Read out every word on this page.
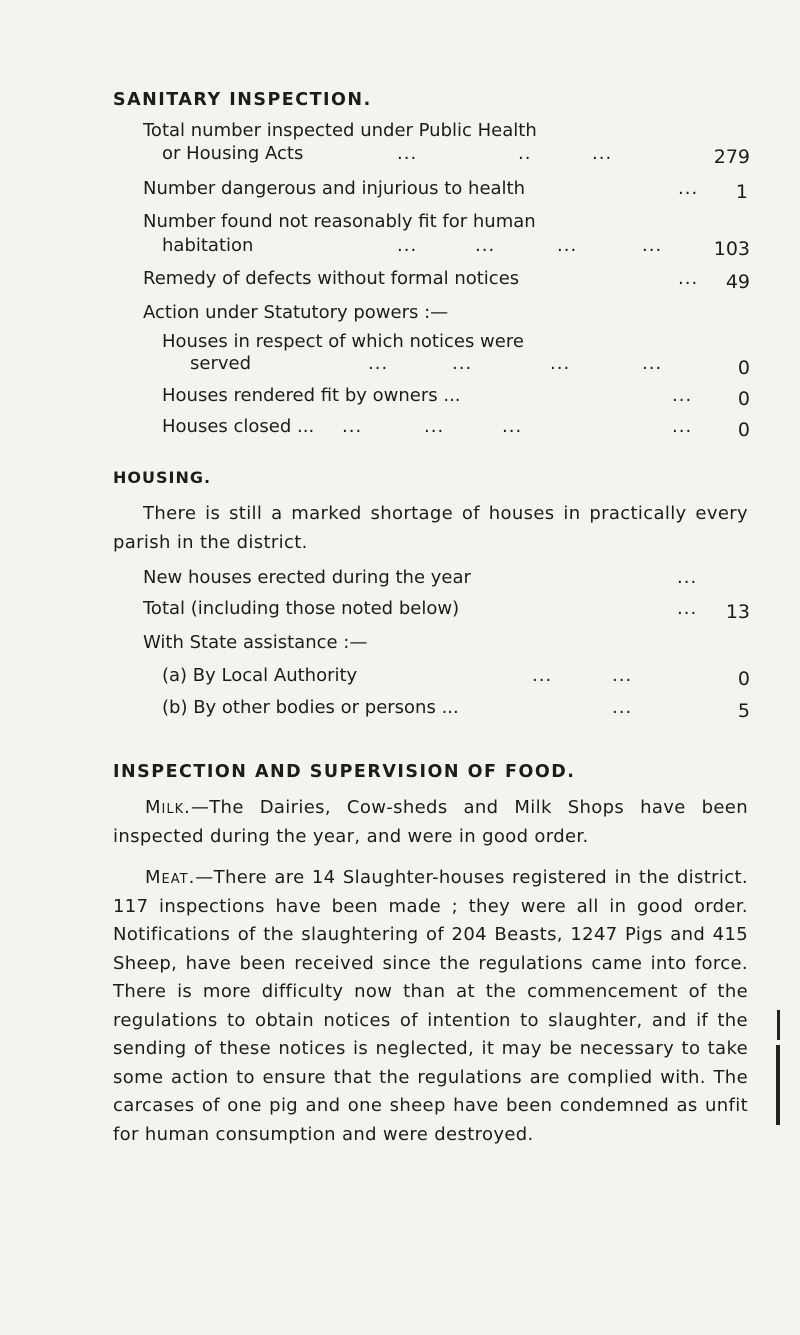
SANITARY INSPECTION.
Total number inspected under Public Health
or Housing Acts	...	..	...	279
Number dangerous and injurious to health	...	1
Number found not reasonably fit for human
habitation	...	...	...	...	103
Remedy of defects without formal notices	...	49
Action under Statutory powers :—
Houses in respect of which notices were
served	...	...	...	...	0
Houses rendered fit by owners ...	...	0
Houses closed ... ...	...	...	...	0
HOUSING.

There is still a marked shortage of houses in practically every parish in the district.

New houses erected during the year	...
Total (including those noted below)	...	13
With State assistance :—
(a) By Local Authority	...	...	0
(b) By other bodies or persons ...	...	5
INSPECTION AND SUPERVISION OF FOOD.

Milk.—The Dairies, Cow-sheds and Milk Shops have been inspected during the year, and were in good order.

Meat.—There are 14 Slaughter-houses registered in the district. 117 inspections have been made ; they were all in good order. Notifications of the slaughtering of 204 Beasts, 1247 Pigs and 415 Sheep, have been received since the regulations came into force. There is more difficulty now than at the commencement of the regulations to obtain notices of intention to slaughter, and if the sending of these notices is neglected, it may be necessary to take some action to ensure that the regulations are complied with. The carcases of one pig and one sheep have been condemned as unfit for human consumption and were destroyed.
